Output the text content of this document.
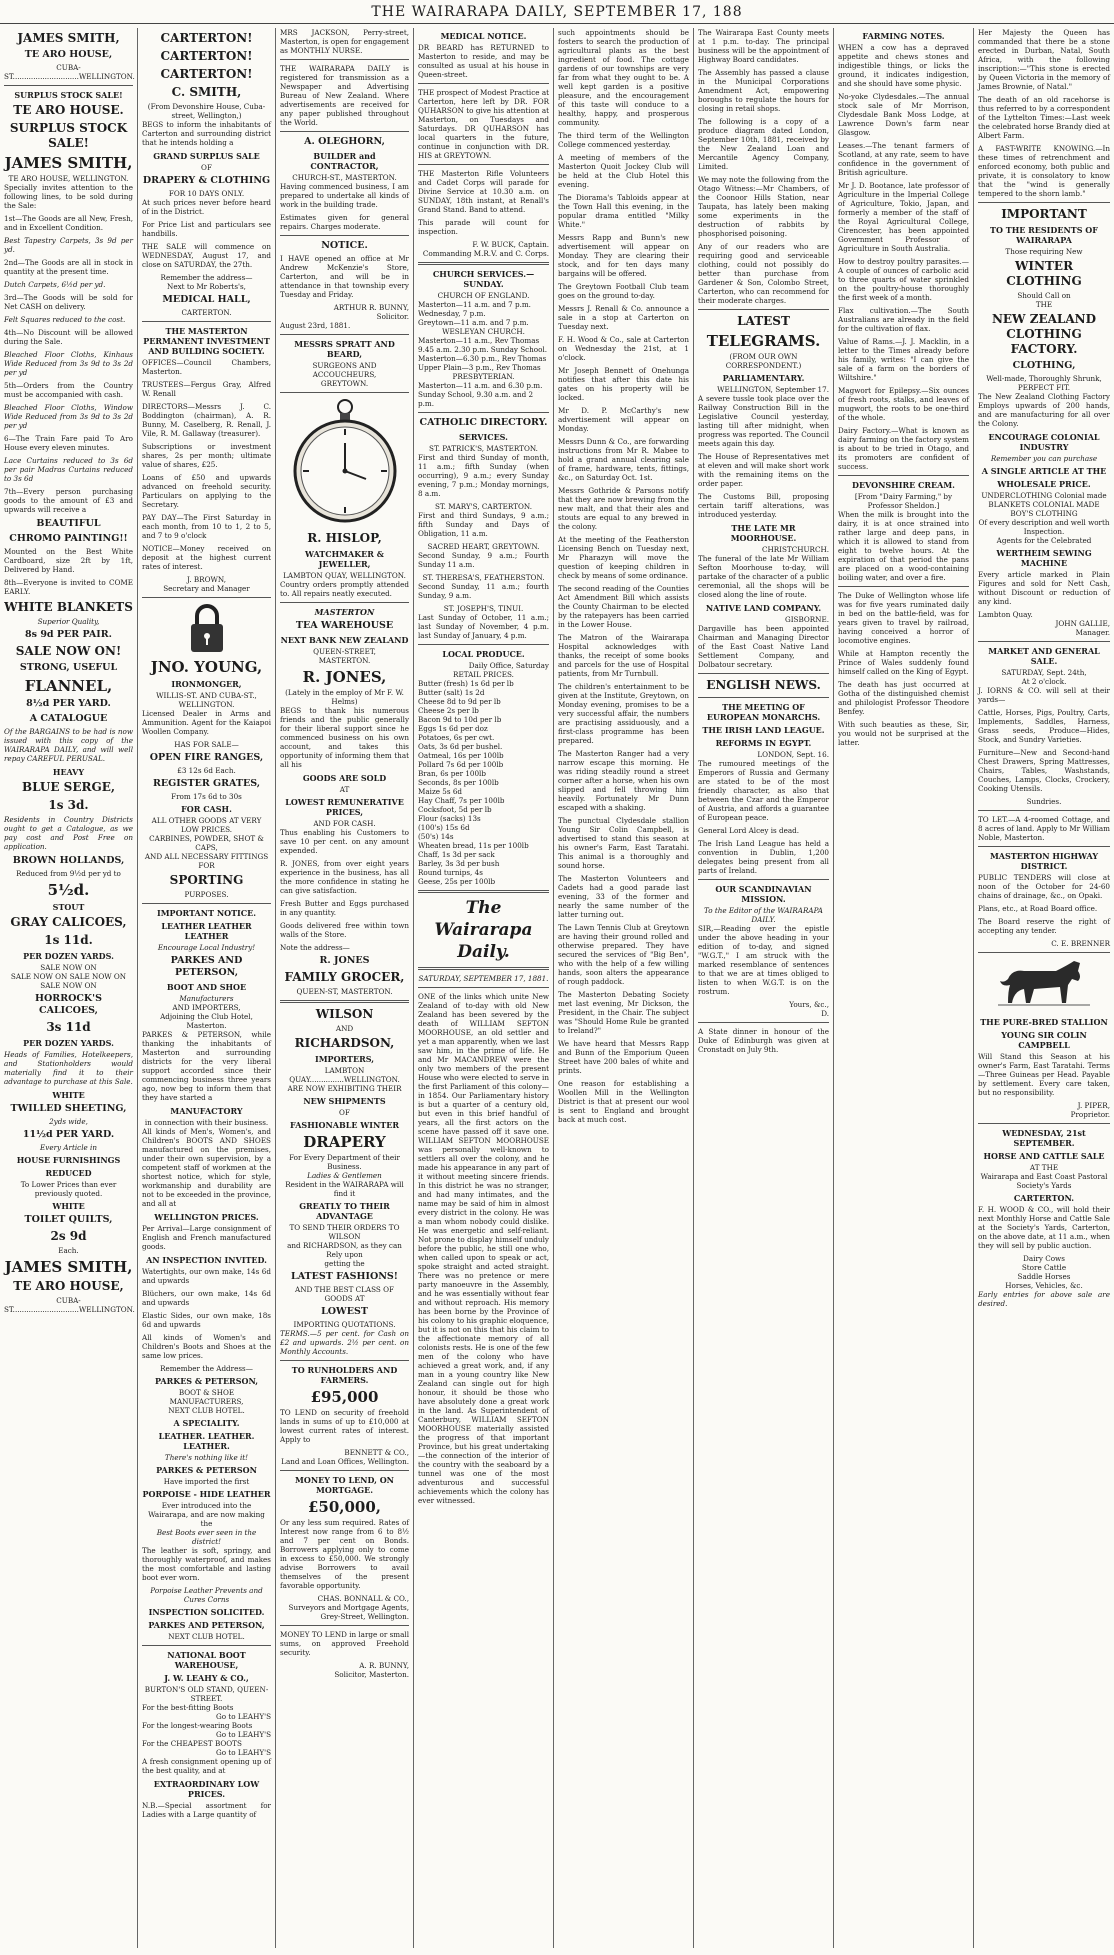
THE WAIRARAPA DAILY, SEPTEMBER 17, 188
JAMES SMITH,
TE ARO HOUSE,
CUBA-ST.............................WELLINGTON.
SURPLUS STOCK SALE!
TE ARO HOUSE.
SURPLUS STOCK SALE!
JAMES SMITH,
TE ARO HOUSE, WELLINGTON.

Specially invites attention to the following lines, to be sold during the Sale:

1st—The Goods are all New, Fresh, and in Excellent Condition.

Best Tapestry Carpets, 3s 9d per yd.

2nd—The Goods are all in stock in quantity at the present time.

Dutch Carpets, 6½d per yd.

3rd—The Goods will be sold for Net CASH on delivery.

Felt Squares reduced to the cost.

4th—No Discount will be allowed during the Sale.

Bleached Floor Cloths, Kinhaus Wide Reduced from 3s 9d to 3s 2d per yd

5th—Orders from the Country must be accompanied with cash.

Bleached Floor Cloths, Window Wide Reduced from 3s 9d to 3s 2d per yd

6—The Train Fare paid To Aro House every eleven minutes.

Lace Curtains reduced to 3s 6d per pair Madras Curtains reduced to 3s 6d

7th—Every person purchasing goods to the amount of £3 and upwards will receive a

BEAUTIFUL
CHROMO PAINTING!!

Mounted on the Best White Cardboard, size 2ft by 1ft, Delivered by Hand.

8th—Everyone is invited to COME EARLY.

WHITE BLANKETS
Superior Quality,
8s 9d PER PAIR.
SALE NOW ON!
STRONG, USEFUL
FLANNEL,
8½d PER YARD.
A CATALOGUE

Of the BARGAINS to be had is now issued with this copy of the WAIRARAPA DAILY, and will well repay CAREFUL PERUSAL.

HEAVY
BLUE SERGE,
1s 3d.

Residents in Country Districts ought to get a Catalogue, as we pay cost and Post Free on application.

BROWN HOLLANDS,
Reduced from 9½d per yd to
5½d.
STOUT
GRAY CALICOES,
1s 11d.
PER DOZEN YARDS.
SALE NOW ON
SALE NOW ON SALE NOW ON
SALE NOW ON
HORROCK'S CALICOES,
3s 11d
PER DOZEN YARDS.

Heads of Families, Hotelkeepers, and Stationholders would materially find it to their advantage to purchase at this Sale.

WHITE
TWILLED SHEETING,
2yds wide,
11½d PER YARD.
Every Article in
HOUSE FURNISHINGS
REDUCED
To Lower Prices than ever previously quoted.
WHITE
TOILET QUILTS,
2s 9d
Each.
JAMES SMITH,
TE ARO HOUSE,
CUBA-ST.............................WELLINGTON.
CARTERTON!
CARTERTON!
CARTERTON!
C. SMITH,
(From Devonshire House, Cuba-street, Wellington,)

BEGS to inform the inhabitants of Carterton and surrounding district that he intends holding a

GRAND SURPLUS SALE
OF
DRAPERY & CLOTHING
FOR 10 DAYS ONLY.

At such prices never before heard of in the District.

For Price List and particulars see handbills.

THE SALE will commence on WEDNESDAY, August 17, and close on SATURDAY, the 27th.

Remember the address—
Next to Mr Roberts's,
MEDICAL HALL,
CARTERTON.
THE MASTERTON PERMANENT INVESTMENT AND BUILDING SOCIETY.

OFFICES—Council Chambers, Masterton.

TRUSTEES—Fergus Gray, Alfred W. Renall

DIRECTORS—Messrs J. C. Boddington (chairman), A. R. Bunny, M. Caselberg, R. Renall, J. Vile, R. M. Gallaway (treasurer).

Subscriptions or investment shares, 2s per month; ultimate value of shares, £25.

Loans of £50 and upwards advanced on freehold security. Particulars on applying to the Secretary.

PAY DAY—The First Saturday in each month, from 10 to 1, 2 to 5, and 7 to 9 o'clock

NOTICE—Money received on deposit at the highest current rates of interest.

J. BROWN,
Secretary and Manager
JNO. YOUNG,
IRONMONGER,
WILLIS-ST. AND CUBA-ST.,
WELLINGTON.

Licensed Dealer in Arms and Ammunition. Agent for the Kaiapoi Woollen Company.

HAS FOR SALE—
OPEN FIRE RANGES,
£3 12s 6d Each.
REGISTER GRATES,
From 17s 6d to 30s
FOR CASH.
ALL OTHER GOODS AT VERY LOW PRICES.
CARBINES, POWDER, SHOT & CAPS,
AND ALL NECESSARY FITTINGS FOR
SPORTING
PURPOSES.
IMPORTANT NOTICE.
LEATHER LEATHER LEATHER
Encourage Local Industry!
PARKES AND PETERSON,
BOOT AND SHOE
Manufacturers
AND IMPORTERS,
Adjoining the Club Hotel, Masterton.

PARKES & PETERSON, while thanking the inhabitants of Masterton and surrounding districts for the very liberal support accorded since their commencing business three years ago, now beg to inform them that they have started a

MANUFACTORY
in connection with their business.

All kinds of Men's, Women's, and Children's BOOTS AND SHOES manufactured on the premises, under their own supervision, by a competent staff of workmen at the shortest notice, which for style, workmanship and durability are not to be exceeded in the province, and all at

WELLINGTON PRICES.

Per Arrival—Large consignment of English and French manufactured goods.

AN INSPECTION INVITED.

Watertights, our own make, 14s 6d and upwards

Blüchers, our own make, 14s 6d and upwards

Elastic Sides, our own make, 18s 6d and upwards

All kinds of Women's and Children's Boots and Shoes at the same low prices.

Remember the Address—
PARKES & PETERSON,
BOOT & SHOE MANUFACTURERS,
NEXT CLUB HOTEL.
A SPECIALITY.
LEATHER. LEATHER. LEATHER.
There's nothing like it!
PARKES & PETERSON
Have imported the first
PORPOISE - HIDE LEATHER
Ever introduced into the Wairarapa, and are now making the
Best Boots ever seen in the district!

The leather is soft, springy, and thoroughly waterproof, and makes the most comfortable and lasting boot ever worn.

Porpoise Leather Prevents and Cures Corns
INSPECTION SOLICITED.
PARKES AND PETERSON,
NEXT CLUB HOTEL.
NATIONAL BOOT WAREHOUSE,
J. W. LEAHY & CO.,
BURTON'S OLD STAND, QUEEN-STREET.
For the best-fitting Boots
Go to LEAHY'S
For the longest-wearing Boots
Go to LEAHY'S
For the CHEAPEST BOOTS
Go to LEAHY'S

A fresh consignment opening up of the best quality, and at

EXTRAORDINARY LOW PRICES.

N.B.—Special assortment for Ladies with a Large quantity of

MRS JACKSON, Perry-street, Masterton, is open for engagement as MONTHLY NURSE.

THE WAIRARAPA DAILY is registered for transmission as a Newspaper and Advertising Bureau of New Zealand. Where advertisements are received for any paper published throughout the World.

A. OLEGHORN,
BUILDER and CONTRACTOR,
CHURCH-ST., MASTERTON.

Having commenced business, I am prepared to undertake all kinds of work in the building trade.

Estimates given for general repairs. Charges moderate.

NOTICE.

I HAVE opened an office at Mr Andrew McKenzie's Store, Carterton, and will be in attendance in that township every Tuesday and Friday.

ARTHUR R. BUNNY,
Solicitor.
August 23rd, 1881.
MESSRS SPRATT AND BEARD,
SURGEONS AND ACCOUCHEURS,
GREYTOWN.
R. HISLOP,
WATCHMAKER & JEWELLER,
LAMBTON QUAY, WELLINGTON.

Country orders promptly attended to. All repairs neatly executed.

MASTERTON
TEA WAREHOUSE
NEXT BANK NEW ZEALAND
QUEEN-STREET,
MASTERTON.
R. JONES,
(Lately in the employ of Mr F. W. Helms)

BEGS to thank his numerous friends and the public generally for their liberal support since he commenced business on his own account, and takes this opportunity of informing them that all his

GOODS ARE SOLD
AT
LOWEST REMUNERATIVE PRICES,
AND FOR CASH.

Thus enabling his Customers to save 10 per cent. on any amount expended.

R. JONES, from over eight years experience in the business, has all the more confidence in stating he can give satisfaction.

Fresh Butter and Eggs purchased in any quantity.

Goods delivered free within town walls of the Store.

Note the address—
R. JONES
FAMILY GROCER,
QUEEN-ST, MASTERTON.
WILSON
AND
RICHARDSON,
IMPORTERS,
LAMBTON QUAY...............WELLINGTON.
ARE NOW EXHIBITING THEIR
NEW SHIPMENTS
OF
FASHIONABLE WINTER
DRAPERY
For Every Department of their Business.
Ladies & Gentlemen
Resident in the WAIRARAPA will find it
GREATLY TO THEIR ADVANTAGE
TO SEND THEIR ORDERS TO WILSON
and RICHARDSON, as they can Rely upon
getting the
LATEST FASHIONS!
AND THE BEST CLASS OF GOODS AT
LOWEST
IMPORTING QUOTATIONS.

TERMS.—5 per cent. for Cash on £2 and upwards. 2½ per cent. on Monthly Accounts.

TO RUNHOLDERS AND FARMERS.
£95,000

TO LEND on security of freehold lands in sums of up to £10,000 at lowest current rates of interest. Apply to

BENNETT & CO.,
Land and Loan Offices, Wellington.
MONEY TO LEND, ON MORTGAGE.
£50,000,

Or any less sum required. Rates of Interest now range from 6 to 8½ and 7 per cent on Bonds. Borrowers applying only to come in excess to £50,000. We strongly advise Borrowers to avail themselves of the present favorable opportunity.

CHAS. BONNALL & CO.,
Surveyors and Mortgage Agents, Grey-Street, Wellington.

MONEY TO LEND in large or small sums, on approved Freehold security.

A. R. BUNNY,
Solicitor, Masterton.
MEDICAL NOTICE.

DR BEARD has RETURNED to Masterton to reside, and may be consulted as usual at his house in Queen-street.

THE prospect of Modest Practice at Carterton, here left by DR. FOR QUHARSON to give his attention at Masterton, on Tuesdays and Saturdays. DR QUHARSON has local quarters in the future, continue in conjunction with DR. HIS at GREYTOWN.

THE Masterton Rifle Volunteers and Cadet Corps will parade for Divine Service at 10.30 a.m. on SUNDAY, 18th instant, at Renall's Grand Stand. Band to attend.

This parade will count for inspection.

F. W. BUCK, Captain.
Commanding M.R.V. and C. Corps.
CHURCH SERVICES.—SUNDAY.
CHURCH OF ENGLAND.
Masterton—11 a.m. and 7 p.m.
Wednesday, 7 p.m.
Greytown—11 a.m. and 7 p.m.
WESLEYAN CHURCH.
Masterton—11 a.m., Rev Thomas 9.45 a.m. 2.30 p.m. Sunday School.
Masterton—6.30 p.m., Rev Thomas Upper Plain—3 p.m., Rev Thomas
PRESBYTERIAN.
Masterton—11 a.m. and 6.30 p.m. Sunday School, 9.30 a.m. and 2 p.m.
CATHOLIC DIRECTORY.
SERVICES.
ST. PATRICK'S, MASTERTON.

First and third Sunday of month, 11 a.m.; fifth Sunday (when occurring), 9 a.m.; every Sunday evening, 7 p.m.; Monday mornings, 8 a.m.

ST. MARY'S, CARTERTON.

First and third Sundays, 9 a.m.; fifth Sunday and Days of Obligation, 11 a.m.

SACRED HEART, GREYTOWN.

Second Sunday, 9 a.m.; Fourth Sunday 11 a.m.

ST. THERESA'S, FEATHERSTON.

Second Sunday, 11 a.m.; fourth Sunday, 9 a.m.

ST. JOSEPH'S, TINUI.

Last Sunday of October, 11 a.m.; last Sunday of November, 4 p.m. last Sunday of January, 4 p.m.

LOCAL PRODUCE.
Daily Office, Saturday
RETAIL PRICES.
Butter (fresh) 1s 6d per lb
Butter (salt) 1s 2d
Cheese 8d to 9d per lb
Cheese 2s per lb
Bacon 9d to 10d per lb
Eggs 1s 6d per doz
Potatoes, 6s per cwt.
Oats, 3s 6d per bushel.
Oatmeal, 16s per 100lb
Pollard 7s 6d per 100lb
Bran, 6s per 100lb
Seconds, 8s per 100lb
Maize 5s 6d
Hay Chaff, 7s per 100lb
Cocksfoot, 5d per lb
Flour (sacks) 13s
(100's) 15s 6d
(50's) 14s
Wheaten bread, 11s per 100lb
Chaff, 1s 3d per sack
Barley, 3s 3d per bush
Round turnips, 4s
Geese, 25s per 100lb
The Wairarapa Daily.
SATURDAY, SEPTEMBER 17, 1881.

ONE of the links which unite New Zealand of to-day with old New Zealand has been severed by the death of WILLIAM SEFTON MOORHOUSE, an old settler and yet a man apparently, when we last saw him, in the prime of life. He and Mr MACANDREW were the only two members of the present House who were elected to serve in the first Parliament of this colony—in 1854. Our Parliamentary history is but a quarter of a century old, but even in this brief handful of years, all the first actors on the scene have passed off it save one. WILLIAM SEFTON MOORHOUSE was personally well-known to settlers all over the colony, and he made his appearance in any part of it without meeting sincere friends. In this district he was no stranger, and had many intimates, and the name may be said of him in almost every district in the colony. He was a man whom nobody could dislike. He was energetic and self-reliant. Not prone to display himself unduly before the public, he still one who, when called upon to speak or act, spoke straight and acted straight. There was no pretence or mere party manoeuvre in the Assembly, and he was essentially without fear and without reproach. His memory has been borne by the Province of his colony to his graphic eloquence, but it is not on this that his claim to the affectionate memory of all colonists rests. He is one of the few men of the colony who have achieved a great work, and, if any man in a young country like New Zealand can single out for high honour, it should be those who have absolutely done a great work in the land. As Superintendent of Canterbury, WILLIAM SEFTON MOORHOUSE materially assisted the progress of that important Province, but his great undertaking—the connection of the interior of the country with the seaboard by a tunnel was one of the most adventurous and successful achievements which the colony has ever witnessed.

such appointments should be fosters to search the production of agricultural plants as the best ingredient of food. The cottage gardens of our townships are very far from what they ought to be. A well kept garden is a positive pleasure, and the encouragement of this taste will conduce to a healthy, happy, and prosperous community.

The third term of the Wellington College commenced yesterday.

A meeting of members of the Masterton Quoit Jockey Club will be held at the Club Hotel this evening.

The Diorama's Tabloids appear at the Town Hall this evening, in the popular drama entitled "Milky White."

Messrs Rapp and Bunn's new advertisement will appear on Monday. They are clearing their stock, and for ten days many bargains will be offered.

The Greytown Football Club team goes on the ground to-day.

Messrs J. Renall & Co. announce a sale in a stop at Carterton on Tuesday next.

F. H. Wood & Co., sale at Carterton on Wednesday the 21st, at 1 o'clock.

Mr Joseph Bennett of Onehunga notifies that after this date his gates on his property will be locked.

Mr D. P. McCarthy's new advertisement will appear on Monday.

Messrs Dunn & Co., are forwarding instructions from Mr R. Mabee to hold a grand annual clearing sale of frame, hardware, tents, fittings, &c., on Saturday Oct. 1st.

Messrs Gothride & Parsons notify that they are now brewing from the new malt, and that their ales and stouts are equal to any brewed in the colony.

At the meeting of the Featherston Licensing Bench on Tuesday next, Mr Pharazyn will move the question of keeping children in check by means of some ordinance.

The second reading of the Counties Act Amendment Bill which assists the County Chairman to be elected by the ratepayers has been carried in the Lower House.

The Matron of the Wairarapa Hospital acknowledges with thanks, the receipt of some books and parcels for the use of Hospital patients, from Mr Turnbull.

The children's entertainment to be given at the Institute, Greytown, on Monday evening, promises to be a very successful affair, the numbers are practising assiduously, and a first-class programme has been prepared.

The Masterton Ranger had a very narrow escape this morning. He was riding steadily round a street corner after a horse, when his own slipped and fell throwing him heavily. Fortunately Mr Dunn escaped with a shaking.

The punctual Clydesdale stallion Young Sir Colin Campbell, is advertised to stand this season at his owner's Farm, East Taratahi. This animal is a thoroughly and sound horse.

The Masterton Volunteers and Cadets had a good parade last evening, 33 of the former and nearly the same number of the latter turning out.

The Lawn Tennis Club at Greytown are having their ground rolled and otherwise prepared. They have secured the services of "Big Ben", who with the help of a few willing hands, soon alters the appearance of rough paddock.

The Masterton Debating Society met last evening, Mr Dickson, the President, in the Chair. The subject was "Should Home Rule be granted to Ireland?"

We have heard that Messrs Rapp and Bunn of the Emporium Queen Street have 200 bales of white and prints.

One reason for establishing a Woollen Mill in the Wellington District is that at present our wool is sent to England and brought back at much cost.

The Wairarapa East County meets at 1 p.m. to-day. The principal business will be the appointment of Highway Board candidates.

The Assembly has passed a clause in the Municipal Corporations Amendment Act, empowering boroughs to regulate the hours for closing in retail shops.

The following is a copy of a produce diagram dated London, September 10th, 1881, received by the New Zealand Loan and Mercantile Agency Company, Limited.

We may note the following from the Otago Witness:—Mr Chambers, of the Coonoor Hills Station, near Taupata, has lately been making some experiments in the destruction of rabbits by phosphorised poisoning.

Any of our readers who are requiring good and serviceable clothing, could not possibly do better than purchase from Gardener & Son, Colombo Street, Carterton, who can recommend for their moderate charges.

LATEST
TELEGRAMS.
(FROM OUR OWN CORRESPONDENT.)
PARLIAMENTARY.
WELLINGTON, September 17.

A severe tussle took place over the Railway Construction Bill in the Legislative Council yesterday, lasting till after midnight, when progress was reported. The Council meets again this day.

The House of Representatives met at eleven and will make short work with the remaining items on the order paper.

The Customs Bill, proposing certain tariff alterations, was introduced yesterday.

THE LATE MR MOORHOUSE.
CHRISTCHURCH.

The funeral of the late Mr William Sefton Moorhouse to-day, will partake of the character of a public ceremonial, all the shops will be closed along the line of route.

NATIVE LAND COMPANY.
GISBORNE.

Dargaville has been appointed Chairman and Managing Director of the East Coast Native Land Settlement Company, and Dolbatour secretary.

ENGLISH NEWS.
THE MEETING OF EUROPEAN MONARCHS.
THE IRISH LAND LEAGUE.
REFORMS IN EGYPT.
LONDON, Sept. 16.

The rumoured meetings of the Emperors of Russia and Germany are stated to be of the most friendly character, as also that between the Czar and the Emperor of Austria, and affords a guarantee of European peace.

General Lord Alcey is dead.

The Irish Land League has held a convention in Dublin, 1,200 delegates being present from all parts of Ireland.

OUR SCANDINAVIAN MISSION.
To the Editor of the WAIRARAPA DAILY.

SIR,—Reading over the epistle under the above heading in your edition of to-day, and signed "W.G.T.," I am struck with the marked resemblance of sentences to that we are at times obliged to listen to when W.G.T. is on the rostrum.

Yours, &c.,
D.

A State dinner in honour of the Duke of Edinburgh was given at Cronstadt on July 9th.

FARMING NOTES.

WHEN a cow has a depraved appetite and chews stones and indigestible things, or licks the ground, it indicates indigestion, and she should have some physic.

No-yoke Clydesdales.—The annual stock sale of Mr Morrison, Clydesdale Bank Moss Lodge, at Lawrence Down's farm near Glasgow.

Leases.—The tenant farmers of Scotland, at any rate, seem to have confidence in the government of British agriculture.

Mr J. D. Bootance, late professor of Agriculture in the Imperial College of Agriculture, Tokio, Japan, and formerly a member of the staff of the Royal Agricultural College, Cirencester, has been appointed Government Professor of Agriculture in South Australia.

How to destroy poultry parasites.—A couple of ounces of carbolic acid to three quarts of water sprinkled on the poultry-house thoroughly the first week of a month.

Flax cultivation.—The South Australians are already in the field for the cultivation of flax.

Value of Rams.—J. J. Macklin, in a letter to the Times already before his family, writes: "I can give the sale of a farm on the borders of Wiltshire."

Magwort for Epilepsy.—Six ounces of fresh roots, stalks, and leaves of mugwort, the roots to be one-third of the whole.

Dairy Factory.—What is known as dairy farming on the factory system is about to be tried in Otago, and its promoters are confident of success.

DEVONSHIRE CREAM.
[From "Dairy Farming," by Professor Sheldon.]

When the milk is brought into the dairy, it is at once strained into rather large and deep pans, in which it is allowed to stand from eight to twelve hours. At the expiration of that period the pans are placed on a wood-containing boiling water, and over a fire.

The Duke of Wellington whose life was for five years ruminated daily in bed on the battle-field, was for years given to travel by railroad, having conceived a horror of locomotive engines.

While at Hampton recently the Prince of Wales suddenly found himself called on the King of Egypt.

The death has just occurred at Gotha of the distinguished chemist and philologist Professor Theodore Benfey.

With such beauties as these, Sir, you would not be surprised at the latter.

Her Majesty the Queen has commanded that there be a stone erected in Durban, Natal, South Africa, with the following inscription:—"This stone is erected by Queen Victoria in the memory of James Brownie, of Natal."

The death of an old racehorse is thus referred to by a correspondent of the Lyttelton Times:—Last week the celebrated horse Brandy died at Albert Farm.

A FAST-WRITE KNOWING.—In these times of retrenchment and enforced economy, both public and private, it is consolatory to know that the "wind is generally tempered to the shorn lamb."

IMPORTANT
TO THE RESIDENTS OF WAIRARAPA
Those requiring New
WINTER CLOTHING
Should Call on
THE
NEW ZEALAND CLOTHING FACTORY.
CLOTHING,
Well-made, Thoroughly Shrunk,
PERFECT FIT.

The New Zealand Clothing Factory Employs upwards of 200 hands, and are manufacturing for all over the Colony.

ENCOURAGE COLONIAL INDUSTRY
Remember you can purchase
A SINGLE ARTICLE AT THE
WHOLESALE PRICE.
UNDERCLOTHING Colonial made
BLANKETS COLONIAL MADE
BOY'S CLOTHING
Of every description and well worth Inspection.
Agents for the Celebrated
WERTHEIM SEWING MACHINE

Every article marked in Plain Figures and sold for Nett Cash, without Discount or reduction of any kind.

Lambton Quay.
JOHN GALLIE,
Manager.
MARKET AND GENERAL SALE.
SATURDAY, Sept. 24th,
At 2 o'clock.

J. IORNS & CO. will sell at their yards—

Cattle, Horses, Pigs, Poultry, Carts, Implements, Saddles, Harness, Grass seeds, Produce—Hides, Stock, and Sundry Varieties.

Furniture—New and Second-hand Chest Drawers, Spring Mattresses, Chairs, Tables, Washstands, Couches, Lamps, Clocks, Crockery, Cooking Utensils.

Sundries.

TO LET.—A 4-roomed Cottage, and 8 acres of land. Apply to Mr William Noble, Masterton.

MASTERTON HIGHWAY DISTRICT.

PUBLIC TENDERS will close at noon of the October for 24-60 chains of drainage, &c., on Opaki.

Plans, etc., at Road Board office.

The Board reserve the right of accepting any tender.

C. E. BRENNER
THE PURE-BRED STALLION
YOUNG SIR COLIN CAMPBELL

Will Stand this Season at his owner's Farm, East Taratahi. Terms—Three Guineas per Head. Payable by settlement. Every care taken, but no responsibility.

J. PIPER,
Proprietor.
WEDNESDAY, 21st SEPTEMBER.
HORSE AND CATTLE SALE
AT THE
Wairarapa and East Coast Pastoral Society's Yards
CARTERTON.

F. H. WOOD & CO., will hold their next Monthly Horse and Cattle Sale at the Society's Yards, Carterton, on the above date, at 11 a.m., when they will sell by public auction.

Dairy Cows
Store Cattle
Saddle Horses
Horses, Vehicles, &c.

Early entries for above sale are desired.
